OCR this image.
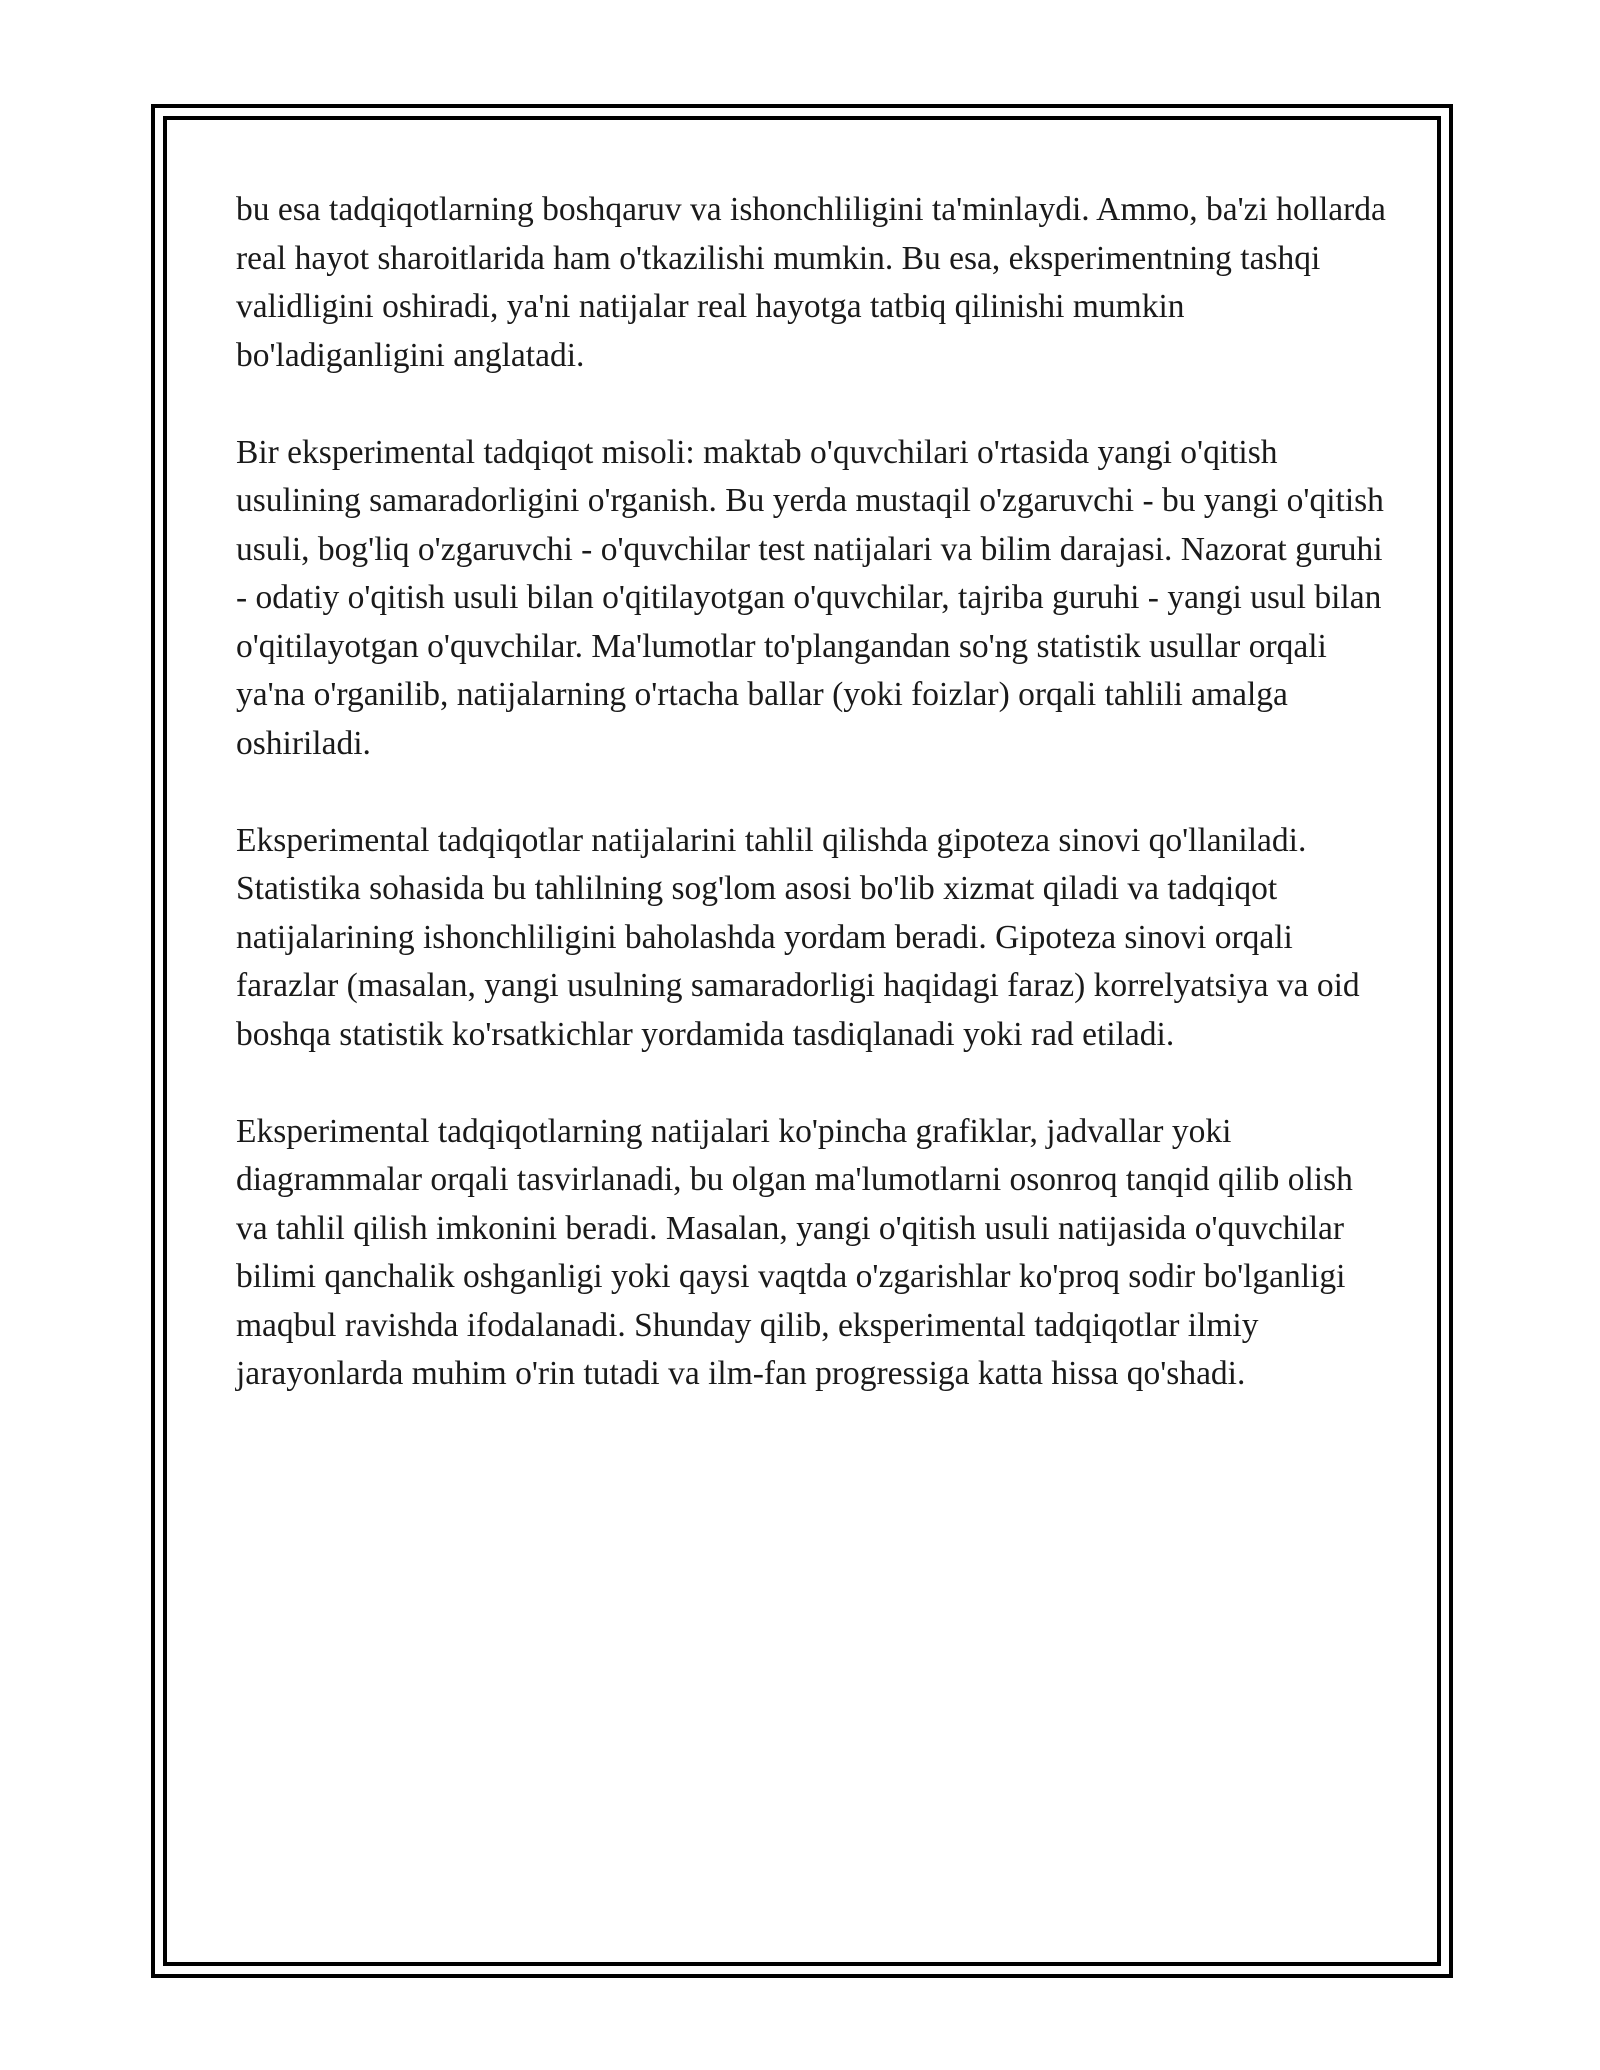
bu esa tadqiqotlarning boshqaruv va ishonchliligini ta'minlaydi. Ammo, ba'zi hollarda real hayot sharoitlarida ham o'tkazilishi mumkin. Bu esa, eksperimentning tashqi validligini oshiradi, ya'ni natijalar real hayotga tatbiq qilinishi mumkin bo'ladiganligini anglatadi.

Bir eksperimental tadqiqot misoli: maktab o'quvchilari o'rtasida yangi o'qitish usulining samaradorligini o'rganish. Bu yerda mustaqil o'zgaruvchi - bu yangi o'qitish usuli, bog'liq o'zgaruvchi - o'quvchilar test natijalari va bilim darajasi. Nazorat guruhi - odatiy o'qitish usuli bilan o'qitilayotgan o'quvchilar, tajriba guruhi - yangi usul bilan o'qitilayotgan o'quvchilar. Ma'lumotlar to'plangandan so'ng statistik usullar orqali ya'na o'rganilib, natijalarning o'rtacha ballar (yoki foizlar) orqali tahlili amalga oshiriladi.

Eksperimental tadqiqotlar natijalarini tahlil qilishda gipoteza sinovi qo'llaniladi. Statistika sohasida bu tahlilning sog'lom asosi bo'lib xizmat qiladi va tadqiqot natijalarining ishonchliligini baholashda yordam beradi. Gipoteza sinovi orqali farazlar (masalan, yangi usulning samaradorligi haqidagi faraz) korrelyatsiya va oid boshqa statistik ko'rsatkichlar yordamida tasdiqlanadi yoki rad etiladi.

Eksperimental tadqiqotlarning natijalari ko'pincha grafiklar, jadvallar yoki diagrammalar orqali tasvirlanadi, bu olgan ma'lumotlarni osonroq tanqid qilib olish va tahlil qilish imkonini beradi. Masalan, yangi o'qitish usuli natijasida o'quvchilar bilimi qanchalik oshganligi yoki qaysi vaqtda o'zgarishlar ko'proq sodir bo'lganligi maqbul ravishda ifodalanadi. Shunday qilib, eksperimental tadqiqotlar ilmiy jarayonlarda muhim o'rin tutadi va ilm-fan progressiga katta hissa qo'shadi.
